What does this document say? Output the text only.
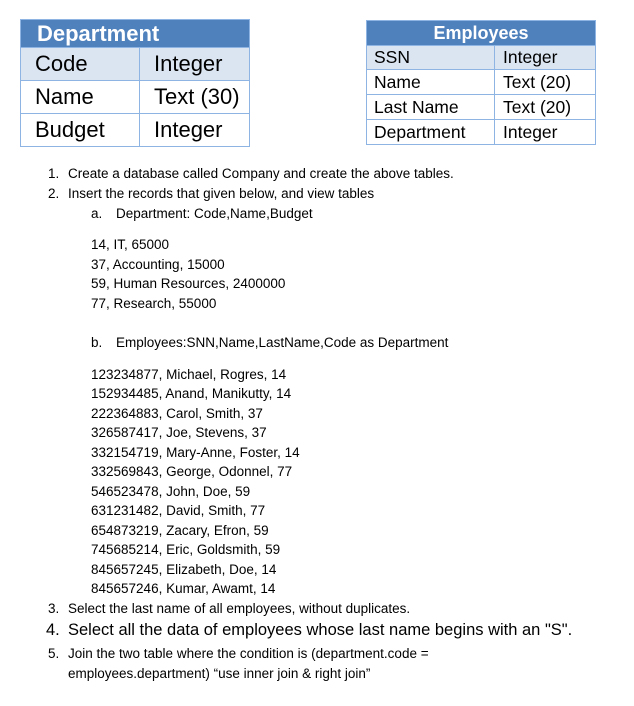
Department
Code	Integer
Name	Text (30)
Budget	Integer
Employees
SSN	Integer
Name	Text (20)
Last Name	Text (20)
Department	Integer
1. Create a database called Company and create the above tables.
2. Insert the records that given below, and view tables
a. Department: Code,Name,Budget
14, IT, 65000
37, Accounting, 15000
59, Human Resources, 2400000
77, Research, 55000
b. Employees:SNN,Name,LastName,Code as Department
123234877, Michael, Rogres, 14
152934485, Anand, Manikutty, 14
222364883, Carol, Smith, 37
326587417, Joe, Stevens, 37
332154719, Mary-Anne, Foster, 14
332569843, George, Odonnel, 77
546523478, John, Doe, 59
631231482, David, Smith, 77
654873219, Zacary, Efron, 59
745685214, Eric, Goldsmith, 59
845657245, Elizabeth, Doe, 14
845657246, Kumar, Awamt, 14
3. Select the last name of all employees, without duplicates.
4. Select all the data of employees whose last name begins with an "S".
5. Join the two table where the condition is (department.code =
employees.department) “use inner join & right join”
